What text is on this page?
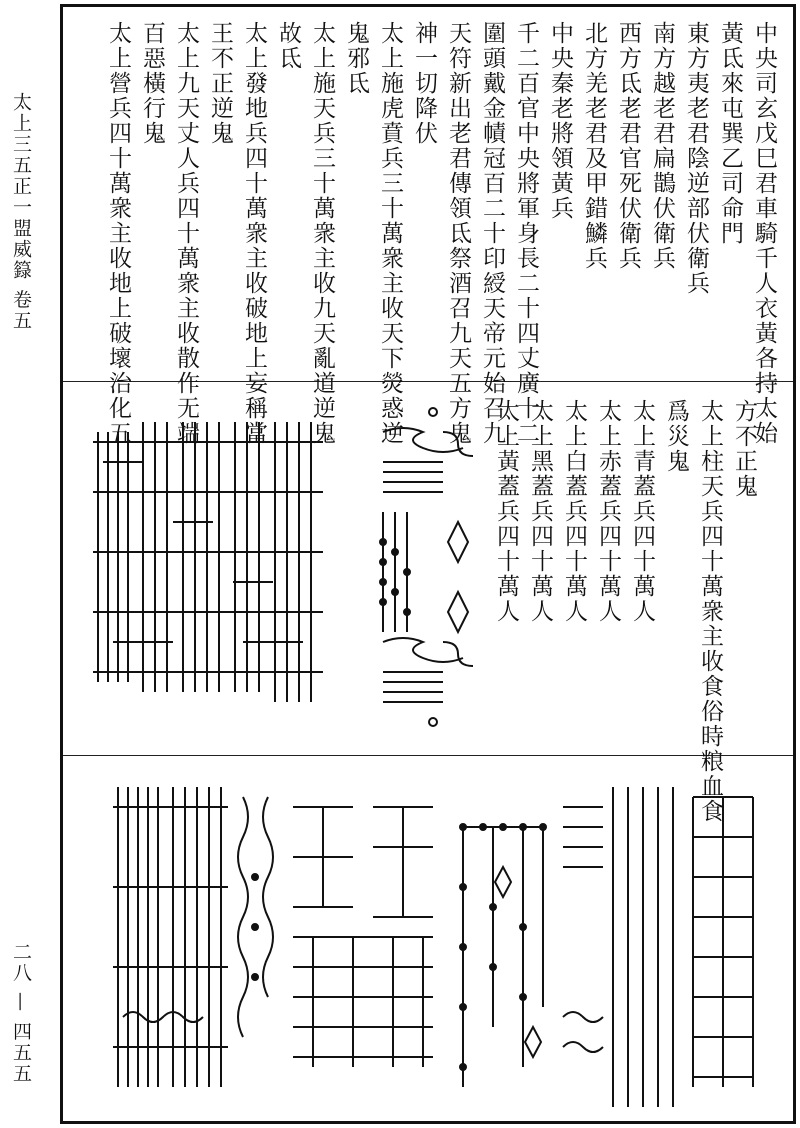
太上三五正一盟威籙 卷五
二八 — 四五五
中央司玄戊巳君車騎千人衣黃各持太始
黃氐來屯巽乙司命門
東方夷老君陰逆部伏衛兵
南方越老君扁鵲伏衛兵
西方氐老君官死伏衛兵
北方羌老君及甲錯鱗兵
中央秦老將領黃兵
千二百官中央將軍身長二十四丈廣十二
圍頭戴金幘冠百二十印綬天帝元始召九
天符新出老君傳領氐祭酒召九天五方鬼
神一切降伏
太上施虎賁兵三十萬衆主收天下熒惑逆
鬼邪氐
太上施天兵三十萬衆主收九天亂道逆鬼
故氐
太上發地兵四十萬衆主收破地上妄稱當
王不正逆鬼
太上九天丈人兵四十萬衆主收散作无端
百惡橫行鬼
太上營兵四十萬衆主收地上破壞治化五
方不正鬼
太上柱天兵四十萬衆主收食俗時粮血食
爲災鬼
太上青蓋兵四十萬人
太上赤蓋兵四十萬人
太上白蓋兵四十萬人
太上黑蓋兵四十萬人
太上黃蓋兵四十萬人
